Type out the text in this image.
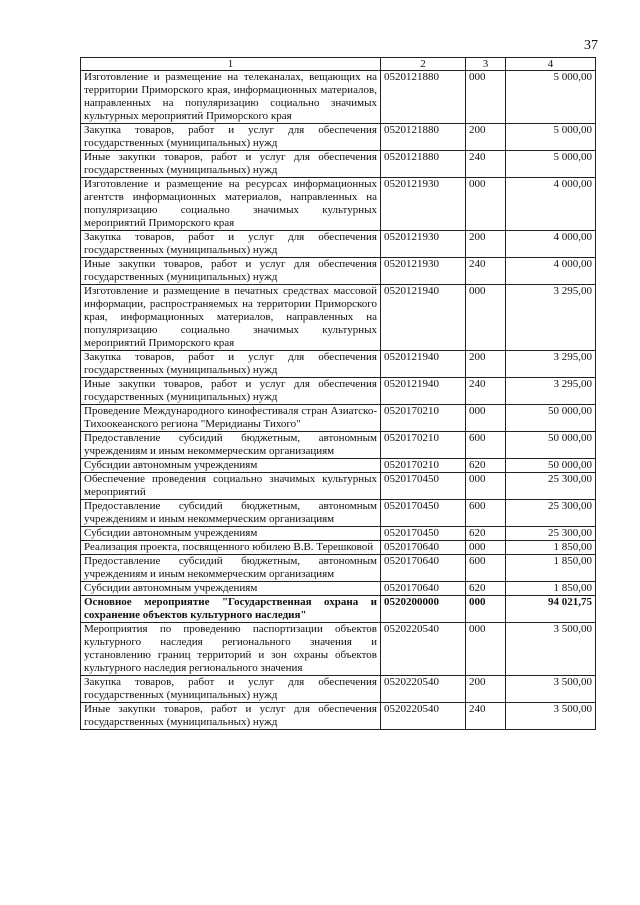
37
1	2	3	4
Изготовление и размещение на телеканалах, вещающих на территории Приморского края, информационных материалов, направленных на популяризацию социально значимых культурных мероприятий Приморского края	0520121880	000	5 000,00
Закупка товаров, работ и услуг для обеспечения государственных (муниципальных) нужд	0520121880	200	5 000,00
Иные закупки товаров, работ и услуг для обеспечения государственных (муниципальных) нужд	0520121880	240	5 000,00
Изготовление и размещение на ресурсах информационных агентств информационных материалов, направленных на популяризацию социально значимых культурных мероприятий Приморского края	0520121930	000	4 000,00
Закупка товаров, работ и услуг для обеспечения государственных (муниципальных) нужд	0520121930	200	4 000,00
Иные закупки товаров, работ и услуг для обеспечения государственных (муниципальных) нужд	0520121930	240	4 000,00
Изготовление и размещение в печатных средствах массовой информации, распространяемых на территории Приморского края, информационных материалов, направленных на популяризацию социально значимых культурных мероприятий Приморского края	0520121940	000	3 295,00
Закупка товаров, работ и услуг для обеспечения государственных (муниципальных) нужд	0520121940	200	3 295,00
Иные закупки товаров, работ и услуг для обеспечения государственных (муниципальных) нужд	0520121940	240	3 295,00
Проведение Международного кинофестиваля стран Азиатско-Тихоокеанского региона "Меридианы Тихого"	0520170210	000	50 000,00
Предоставление субсидий бюджетным, автономным учреждениям и иным некоммерческим организациям	0520170210	600	50 000,00
Субсидии автономным учреждениям	0520170210	620	50 000,00
Обеспечение проведения социально значимых культурных мероприятий	0520170450	000	25 300,00
Предоставление субсидий бюджетным, автономным учреждениям и иным некоммерческим организациям	0520170450	600	25 300,00
Субсидии автономным учреждениям	0520170450	620	25 300,00
Реализация проекта, посвященного юбилею В.В. Терешковой	0520170640	000	1 850,00
Предоставление субсидий бюджетным, автономным учреждениям и иным некоммерческим организациям	0520170640	600	1 850,00
Субсидии автономным учреждениям	0520170640	620	1 850,00
Основное мероприятие "Государственная охрана и сохранение объектов культурного наследия"	0520200000	000	94 021,75
Мероприятия по проведению паспортизации объектов культурного наследия регионального значения и установлению границ территорий и зон охраны объектов культурного наследия регионального значения	0520220540	000	3 500,00
Закупка товаров, работ и услуг для обеспечения государственных (муниципальных) нужд	0520220540	200	3 500,00
Иные закупки товаров, работ и услуг для обеспечения государственных (муниципальных) нужд	0520220540	240	3 500,00
